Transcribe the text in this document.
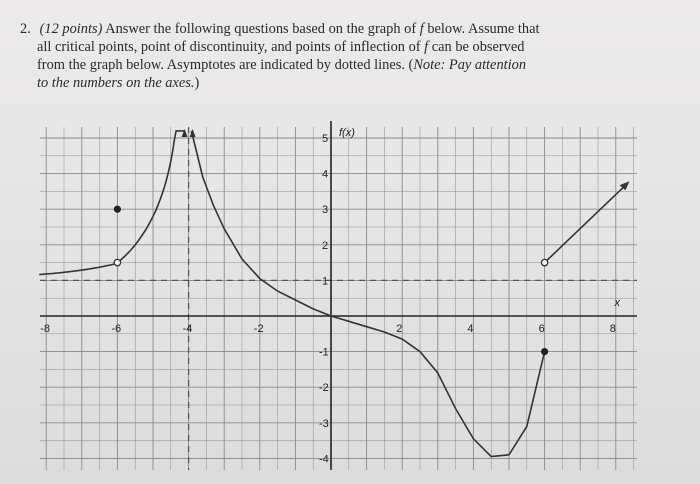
2. (12 points) Answer the following questions based on the graph of f below. Assume that
all critical points, point of discontinuity, and points of inflection of f can be observed
from the graph below. Asymptotes are indicated by dotted lines. (Note: Pay attention
to the numbers on the axes.)
-8	-6	-4	-2	2	4	6	8
5
4
3
2
1
-1
-2
-3
-4
f(x)
x
